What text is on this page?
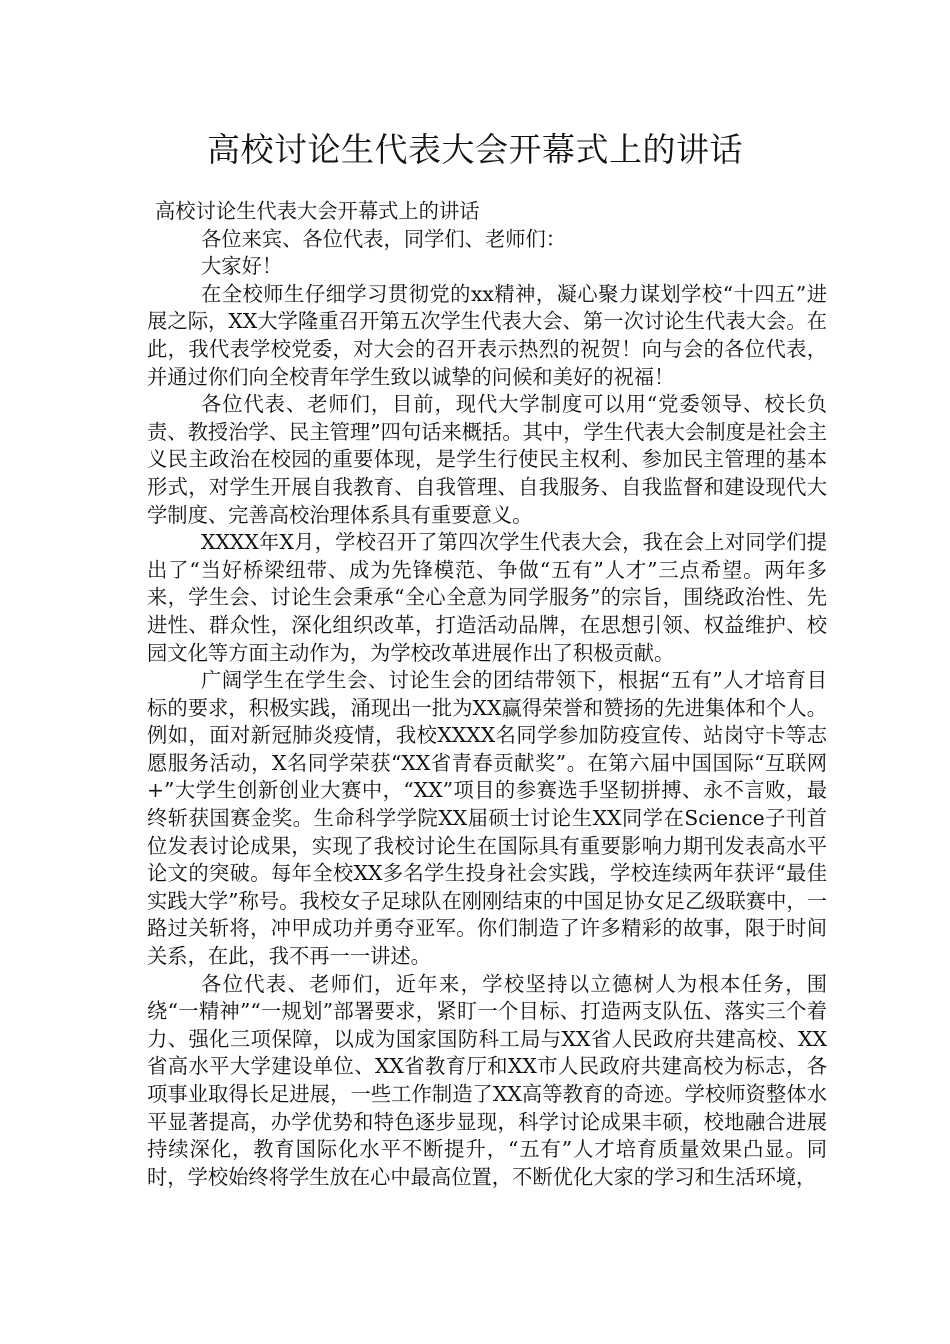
高校讨论生代表大会开幕式上的讲话

高校讨论生代表大会开幕式上的讲话

各位来宾、各位代表，同学们、老师们：

大家好！

在全校师生仔细学习贯彻党的xx精神，凝心聚力谋划学校“十四五”进展之际，XX大学隆重召开第五次学生代表大会、第一次讨论生代表大会。在此，我代表学校党委，对大会的召开表示热烈的祝贺！向与会的各位代表，并通过你们向全校青年学生致以诚挚的问候和美好的祝福！

各位代表、老师们，目前，现代大学制度可以用“党委领导、校长负责、教授治学、民主管理”四句话来概括。其中，学生代表大会制度是社会主义民主政治在校园的重要体现，是学生行使民主权利、参加民主管理的基本形式，对学生开展自我教育、自我管理、自我服务、自我监督和建设现代大学制度、完善高校治理体系具有重要意义。

XXXX年X月，学校召开了第四次学生代表大会，我在会上对同学们提出了“当好桥梁纽带、成为先锋模范、争做“五有”人才”三点希望。两年多来，学生会、讨论生会秉承“全心全意为同学服务”的宗旨，围绕政治性、先进性、群众性，深化组织改革，打造活动品牌，在思想引领、权益维护、校园文化等方面主动作为，为学校改革进展作出了积极贡献。

广阔学生在学生会、讨论生会的团结带领下，根据“五有”人才培育目标的要求，积极实践，涌现出一批为XX赢得荣誉和赞扬的先进集体和个人。例如，面对新冠肺炎疫情，我校XXXX名同学参加防疫宣传、站岗守卡等志愿服务活动，X名同学荣获“XX省青春贡献奖”。在第六届中国国际“互联网+”大学生创新创业大赛中，“XX”项目的参赛选手坚韧拼搏、永不言败，最终斩获国赛金奖。生命科学学院XX届硕士讨论生XX同学在Science子刊首位发表讨论成果，实现了我校讨论生在国际具有重要影响力期刊发表高水平论文的突破。每年全校XX多名学生投身社会实践，学校连续两年获评“最佳实践大学”称号。我校女子足球队在刚刚结束的中国足协女足乙级联赛中，一路过关斩将，冲甲成功并勇夺亚军。你们制造了许多精彩的故事，限于时间关系，在此，我不再一一讲述。

各位代表、老师们，近年来，学校坚持以立德树人为根本任务，围绕“一精神”“一规划”部署要求，紧盯一个目标、打造两支队伍、落实三个着力、强化三项保障，以成为国家国防科工局与XX省人民政府共建高校、XX省高水平大学建设单位、XX省教育厅和XX市人民政府共建高校为标志，各项事业取得长足进展，一些工作制造了XX高等教育的奇迹。学校师资整体水平显著提高，办学优势和特色逐步显现，科学讨论成果丰硕，校地融合进展持续深化，教育国际化水平不断提升，“五有”人才培育质量效果凸显。同时，学校始终将学生放在心中最高位置，不断优化大家的学习和生活环境，
